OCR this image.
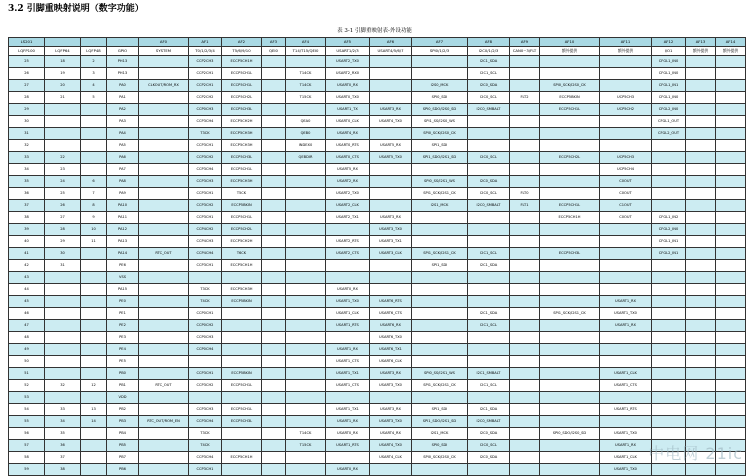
3.2 引脚重映射说明（数字功能）
表 3-1 引脚重映射表-外设功能
LS201				AF0	AF1	AF2	AF3	AF4	AF5	AF6	AF7	AF8	AF9	AF10	AF11	AF12	AF13	AF14
LQFP100	LQFP64	LQFP48	GPIO	SYSTEM	T0/1/2/3/4	T5/6/9/10	QEI0	T14/T15/QEI0	USART1/2/3	USART4/5/6/7	SPI0/1/2/3	I2C0/1/2/3	CAN0~3/FLT	额外提供	额外提供	I/O1	额外提供	额外提供
25	18	2	PH13		CCP2CH3	ECCP5CH1H			USART2_TX0			I2C1_SDA				CFGL1_IN0		
26	19	3	PH13		CCP2CH1	ECCP5CH1L		T14CK	USART2_RX0			I2C1_SCL				CFGL1_IN0		
27	20	4	PA0	CLKOUT/ROM_RX	CCP2CH1	ECCP5CH1L		T14CK	USART0_RX		I2S0_MCK	I2C0_SDA		SPI0_SCK/I2S0_CK		CFGL1_IN1		
28	21	5	PA1		CCP2CH2	ECCP5CH2L		T15CK	USART0_TX0		SPI0_SDI	I2C0_SCL	FLT2	ECCP5BKIN	UCP5CH3	CFGL1_IN0		
29			PA2		CCP0CH3	ECCP5CH3L			USART1_TX	USART3_RX	SPI0_SDO/I2S0_SD	I2C0_SMBALT		ECCP5CH1L	UCP5CH2	CFGL2_IN0		
30			PA3		CCP3CH4	ECCP5CH2H		QEA0	USART0_CLK	USART4_TX0	SPI1_SS/I2S0_WS					CFGL1_OUT		
31			PA4		T3CK	ECCP5CH3H		QEB0	USART4_RX		SPI0_SCK/I2S0_CK					CFGL2_OUT		
32			PA5		CCP3CH1	ECCP5CH3H		INDEX0	USART0_RTS	USART5_RX	SPI1_SDI							
33	22		PA6		CCP3CH2	ECCP5CH3L		QEBDIR	USART0_CTS	USART5_TX0	SPI1_SDO/I2S1_SD	I2C0_SCL		ECCP5CH2L	UCP5CH3			
34	23		PA7		CCP3CH4	ECCP5CH1L			USART5_RX						UCP5CH4			
35	24	6	PA8		CCP3CH3	ECCP5CH3H			USART2_RX		SPI0_SS/I2S1_WS	I2C0_SDA			C0OUT			
36	25	7	PA9		CCP3CH1	T5CK			USART2_TX0		SPI1_SCK/I2S1_CK	I2C0_SCL	FLT0		C0OUT			
37	26	8	PA10		CCP3CH2	ECCP5BKIN			USART2_CLK		I2S1_MCK	I2C0_SMBALT	FLT1	ECCP5CH1L	C1OUT			
38	27	9	PA11		CCP3CH1	ECCP5CH1L			USART2_TX1	USART3_RX				ECCP5CH1H	C0OUT	CFGL1_IN2		
39	28	10	PA12		CCP4CH2	ECCP5CH2L				USART3_TX0						CFGL2_IN0		
40	29	11	PA13		CCP4CH3	ECCP5CH2H			USART2_RTS	USART3_TX1						CFGL1_IN1		
41	30		PA14	RTC_OUT	CCP4CH4	T6CK			USART2_CTS	USART3_CLK	SPI1_SCK/I2S1_CK	I2C1_SCL		ECCP5CH3L		CFGL2_IN1		
42	31		PE6		CCP3CH1	ECCP5CH1H					SPI1_SDI	I2C1_SDA						
43			VSS															
44			PA15		T3CK	ECCP5CH3H			USART0_RX									
45			PE0		T4CK	ECCP5BKIN			USART1_TX0	USART6_RTS					USART1_RX			
46			PE1		CCP0CH1				USART1_CLK	USART6_CTS		I2C1_SDA		SPI1_SCK/I2S1_CK	USART1_TX0			
47			PE2		CCP0CH2				USART1_RTS	USART6_RX		I2C1_SCL			USART1_RX			
48			PE3		CCP0CH3					USART6_TX0								
49			PE4		CCP0CH4				USART1_RX	USART6_TX1								
50			PE5						USART1_CTS	USART6_CLK								
51			PB0		CCP3CH1	ECCP5BKIN			USART1_TX1	USART3_RX	SPI0_SS/I2S1_WS	I2C1_SMBALT			USART1_CLK			
52	32	12	PB1	RTC_OUT	CCP3CH2	ECCP5CH1L			USART1_CTS	USART3_TX0	SPI1_SCK/I2S1_CK	I2C1_SCL			USART1_CTS			
53			VDD															
54	33	13	PB2		CCP3CH3	ECCP5CH1L			USART1_TX1	USART3_RX	SPI1_SDI	I2C1_SDA			USART1_RTS			
55	34	14	PB3	RTC_OUT/ROM_EN	CCP3CH4	ECCP5CH3L			USART1_RX	USART3_TX0	SPI1_SDO/I2S1_SD	I2C0_SMBALT						
56	35		PB4		T3CK			T14CK	USART0_RX	USART4_RX	I2S1_MCK	I2C0_SDA		SPI0_SDO/I2S0_SD	USART1_TX0			
57	36		PB5		T4CK			T15CK	USART1_RTS	USART4_TX0	SPI0_SDI	I2C0_SCL			USART1_RX			
58	37		PB7		CCP3CH4	ECCP5CH1H				USART4_CLK	SPI0_SCK/I2S0_CK	I2C0_SDA			USART1_CLK			
59	38		PB6		CCP3CH1				USART0_RX						USART1_TX0			
中电网 21ic
